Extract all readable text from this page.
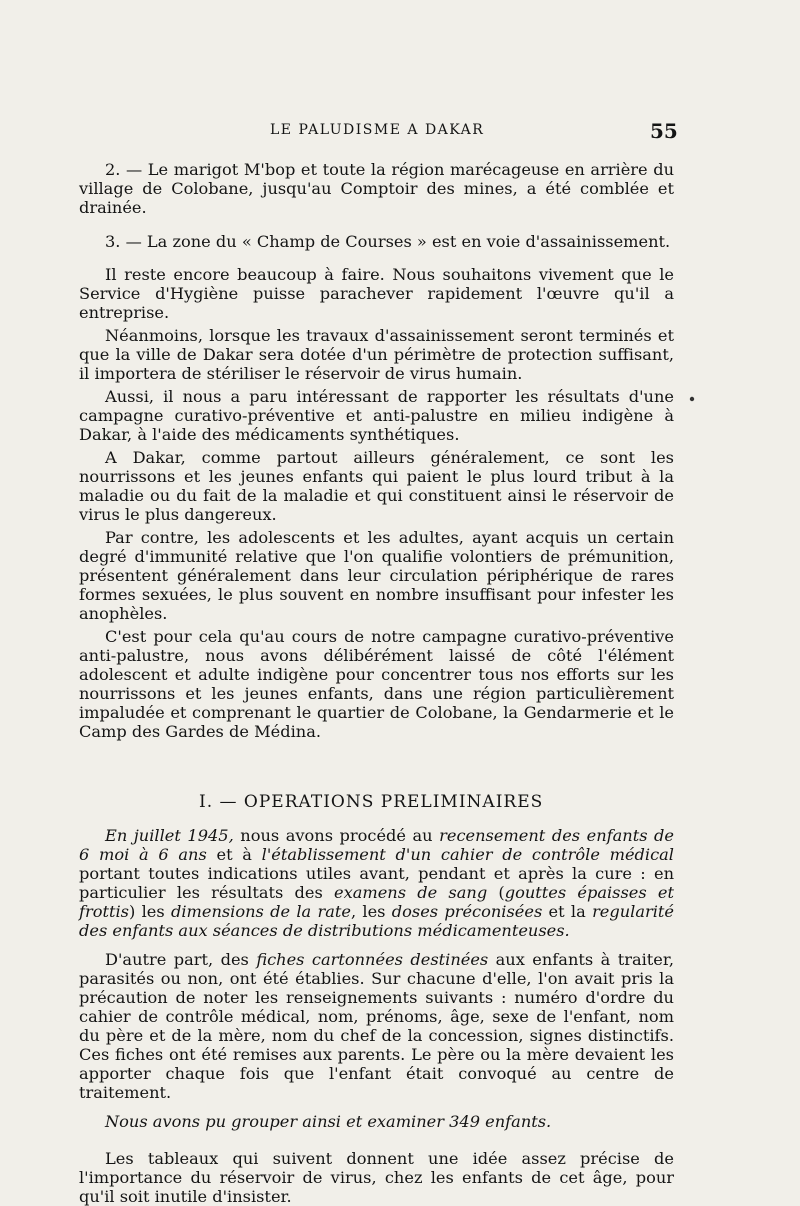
LE PALUDISME A DAKAR	55

2. — Le marigot M'bop et toute la région marécageuse en arrière du village de Colobane, jusqu'au Comptoir des mines, a été comblée et drainée.

3. — La zone du « Champ de Courses » est en voie d'assainissement.

Il reste encore beaucoup à faire. Nous souhaitons vivement que le Service d'Hygiène puisse parachever rapidement l'œuvre qu'il a entreprise.

Néanmoins, lorsque les travaux d'assainissement seront terminés et que la ville de Dakar sera dotée d'un périmètre de protection suffisant, il importera de stériliser le réservoir de virus humain.

Aussi, il nous a paru intéressant de rapporter les résultats d'une campagne curativo-préventive et anti-palustre en milieu indigène à Dakar, à l'aide des médicaments synthétiques.

A Dakar, comme partout ailleurs généralement, ce sont les nourrissons et les jeunes enfants qui paient le plus lourd tribut à la maladie ou du fait de la maladie et qui constituent ainsi le réservoir de virus le plus dangereux.

Par contre, les adolescents et les adultes, ayant acquis un certain degré d'immunité relative que l'on qualifie volontiers de prémunition, présentent généralement dans leur circulation périphérique de rares formes sexuées, le plus souvent en nombre insuffisant pour infester les anophèles.

C'est pour cela qu'au cours de notre campagne curativo-préventive anti-palustre, nous avons délibérément laissé de côté l'élément adolescent et adulte indigène pour concentrer tous nos efforts sur les nourrissons et les jeunes enfants, dans une région particulièrement impaludée et comprenant le quartier de Colobane, la Gendarmerie et le Camp des Gardes de Médina.

I. — OPERATIONS PRELIMINAIRES

En juillet 1945, nous avons procédé au recensement des enfants de 6 moi à 6 ans et à l'établissement d'un cahier de contrôle médical portant toutes indications utiles avant, pendant et après la cure : en particulier les résultats des examens de sang (gouttes épaisses et frottis) les dimensions de la rate, les doses préconisées et la regularité des enfants aux séances de distributions médicamenteuses.

D'autre part, des fiches cartonnées destinées aux enfants à traiter, parasités ou non, ont été établies. Sur chacune d'elle, l'on avait pris la précaution de noter les renseignements suivants : numéro d'ordre du cahier de contrôle médical, nom, prénoms, âge, sexe de l'enfant, nom du père et de la mère, nom du chef de la concession, signes distinctifs. Ces fiches ont été remises aux parents. Le père ou la mère devaient les apporter chaque fois que l'enfant était convoqué au centre de traitement.

Nous avons pu grouper ainsi et examiner 349 enfants.

Les tableaux qui suivent donnent une idée assez précise de l'importance du réservoir de virus, chez les enfants de cet âge, pour qu'il soit inutile d'insister.
